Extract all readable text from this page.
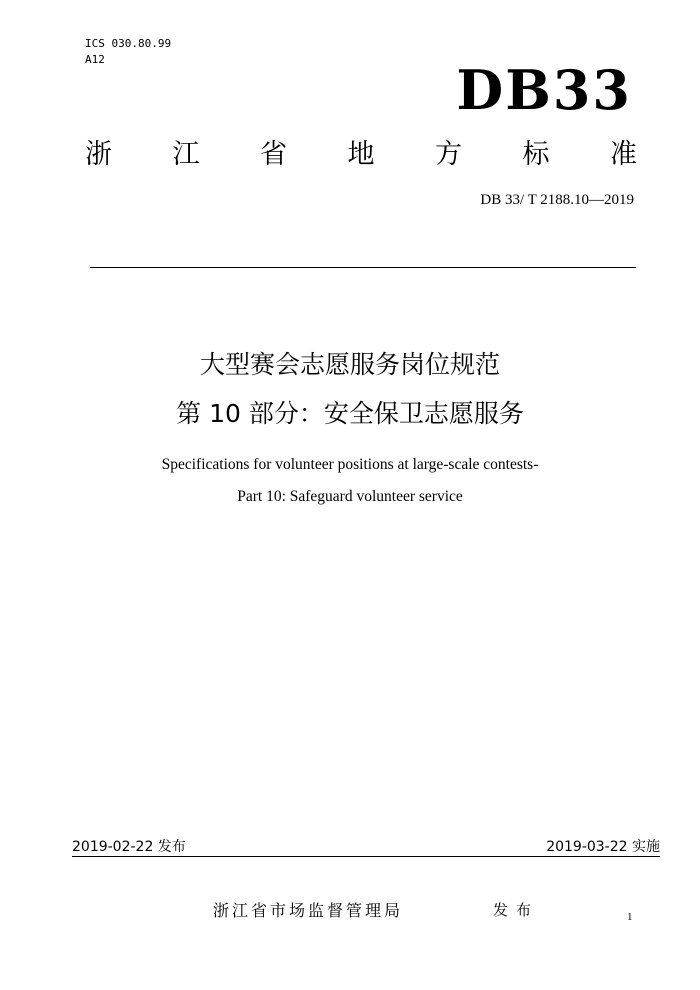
ICS 030.80.99
A12	DB33
浙 江 省 地 方 标 准
DB 33/ T 2188.10—2019
大型赛会志愿服务岗位规范
第 10 部分：安全保卫志愿服务
Specifications for volunteer positions at large-scale contests-
Part 10: Safeguard volunteer service
2019-02-22 发布	2019-03-22 实施
浙江省市场监督管理局	发布	1
